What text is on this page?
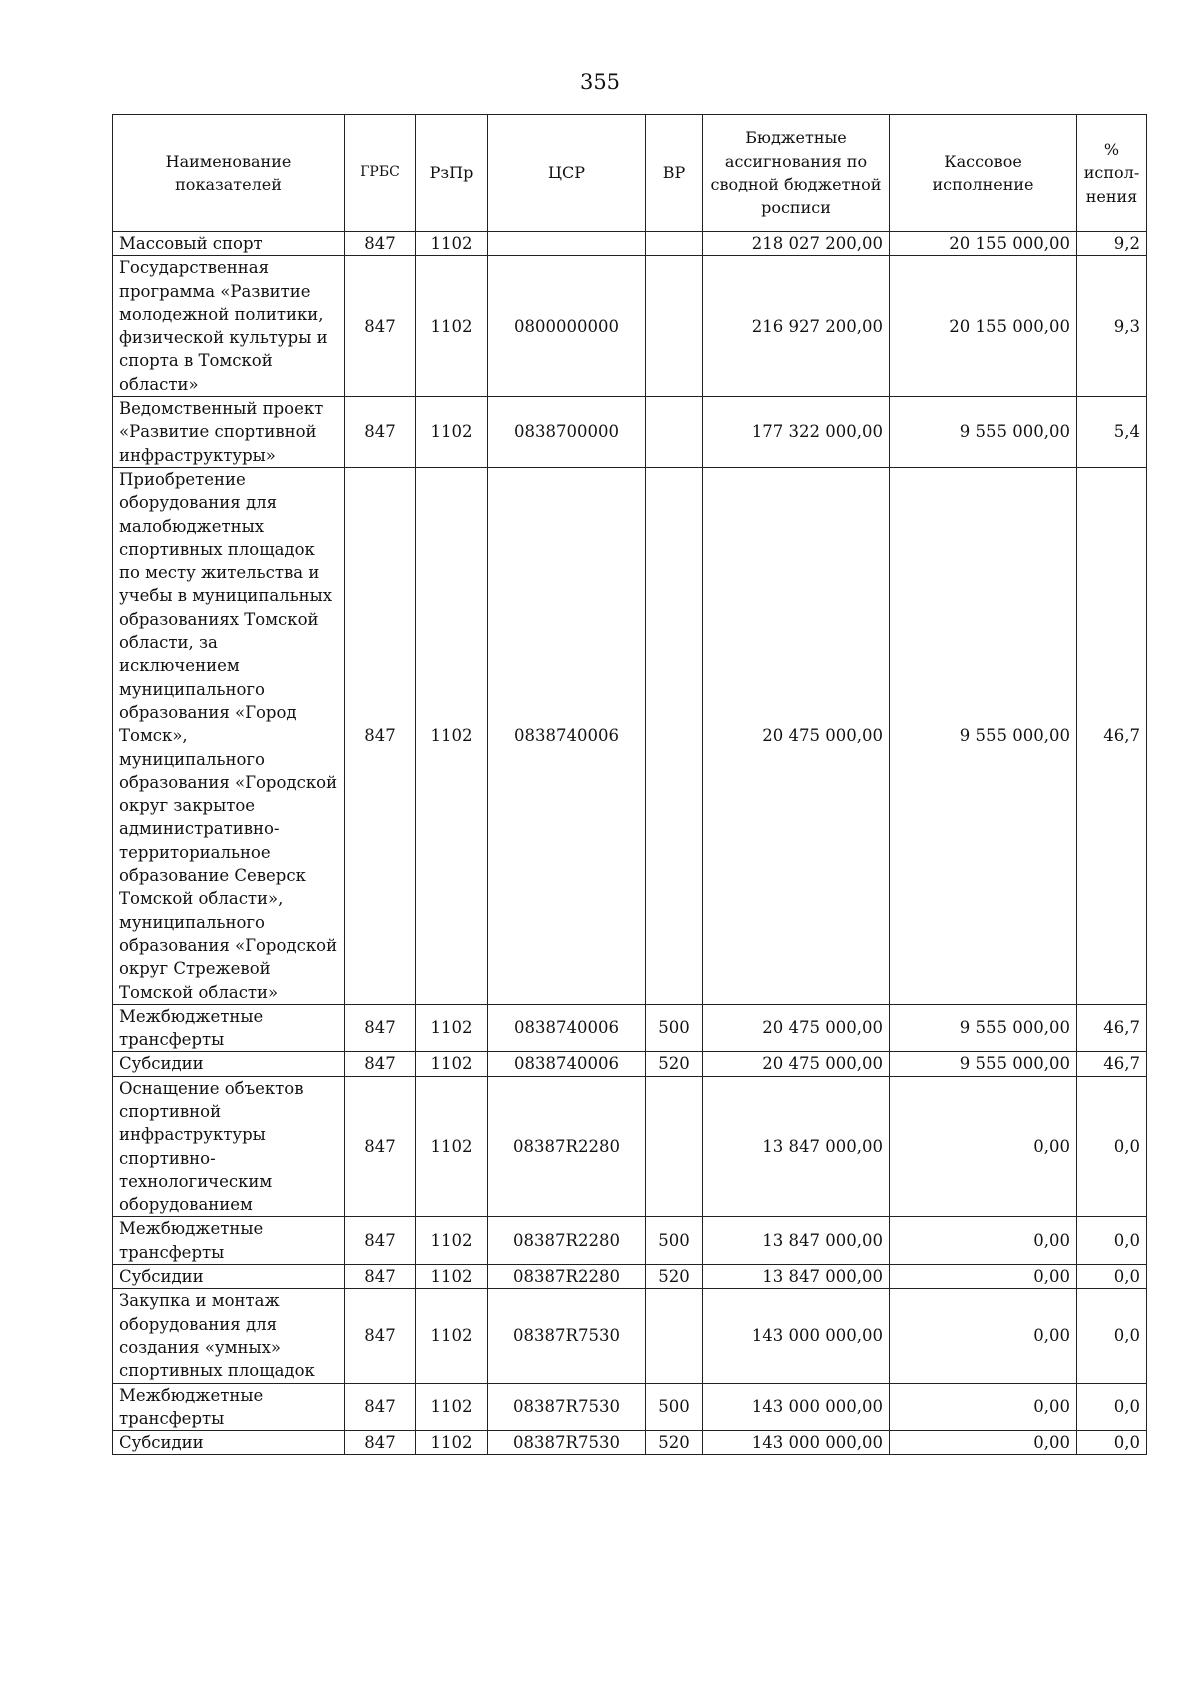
355
Наименование показателей	ГРБС	РзПр	ЦСР	ВР	Бюджетные ассигнования по сводной бюджетной росписи	Кассовое исполнение	% испол-нения
Массовый спорт	847	1102			218 027 200,00	20 155 000,00	9,2
Государственная программа «Развитие молодежной политики, физической культуры и спорта в Томской области»	847	1102	0800000000		216 927 200,00	20 155 000,00	9,3
Ведомственный проект «Развитие спортивной инфраструктуры»	847	1102	0838700000		177 322 000,00	9 555 000,00	5,4
Приобретение оборудования для малобюджетных спортивных площадок по месту жительства и учебы в муниципальных образованиях Томской области, за исключением муниципального образования «Город Томск», муниципального образования «Городской округ закрытое административно-территориальное образование Северск Томской области», муниципального образования «Городской округ Стрежевой Томской области»	847	1102	0838740006		20 475 000,00	9 555 000,00	46,7
Межбюджетные трансферты	847	1102	0838740006	500	20 475 000,00	9 555 000,00	46,7
Субсидии	847	1102	0838740006	520	20 475 000,00	9 555 000,00	46,7
Оснащение объектов спортивной инфраструктуры спортивно-технологическим оборудованием	847	1102	08387R2280		13 847 000,00	0,00	0,0
Межбюджетные трансферты	847	1102	08387R2280	500	13 847 000,00	0,00	0,0
Субсидии	847	1102	08387R2280	520	13 847 000,00	0,00	0,0
Закупка и монтаж оборудования для создания «умных» спортивных площадок	847	1102	08387R7530		143 000 000,00	0,00	0,0
Межбюджетные трансферты	847	1102	08387R7530	500	143 000 000,00	0,00	0,0
Субсидии	847	1102	08387R7530	520	143 000 000,00	0,00	0,0
